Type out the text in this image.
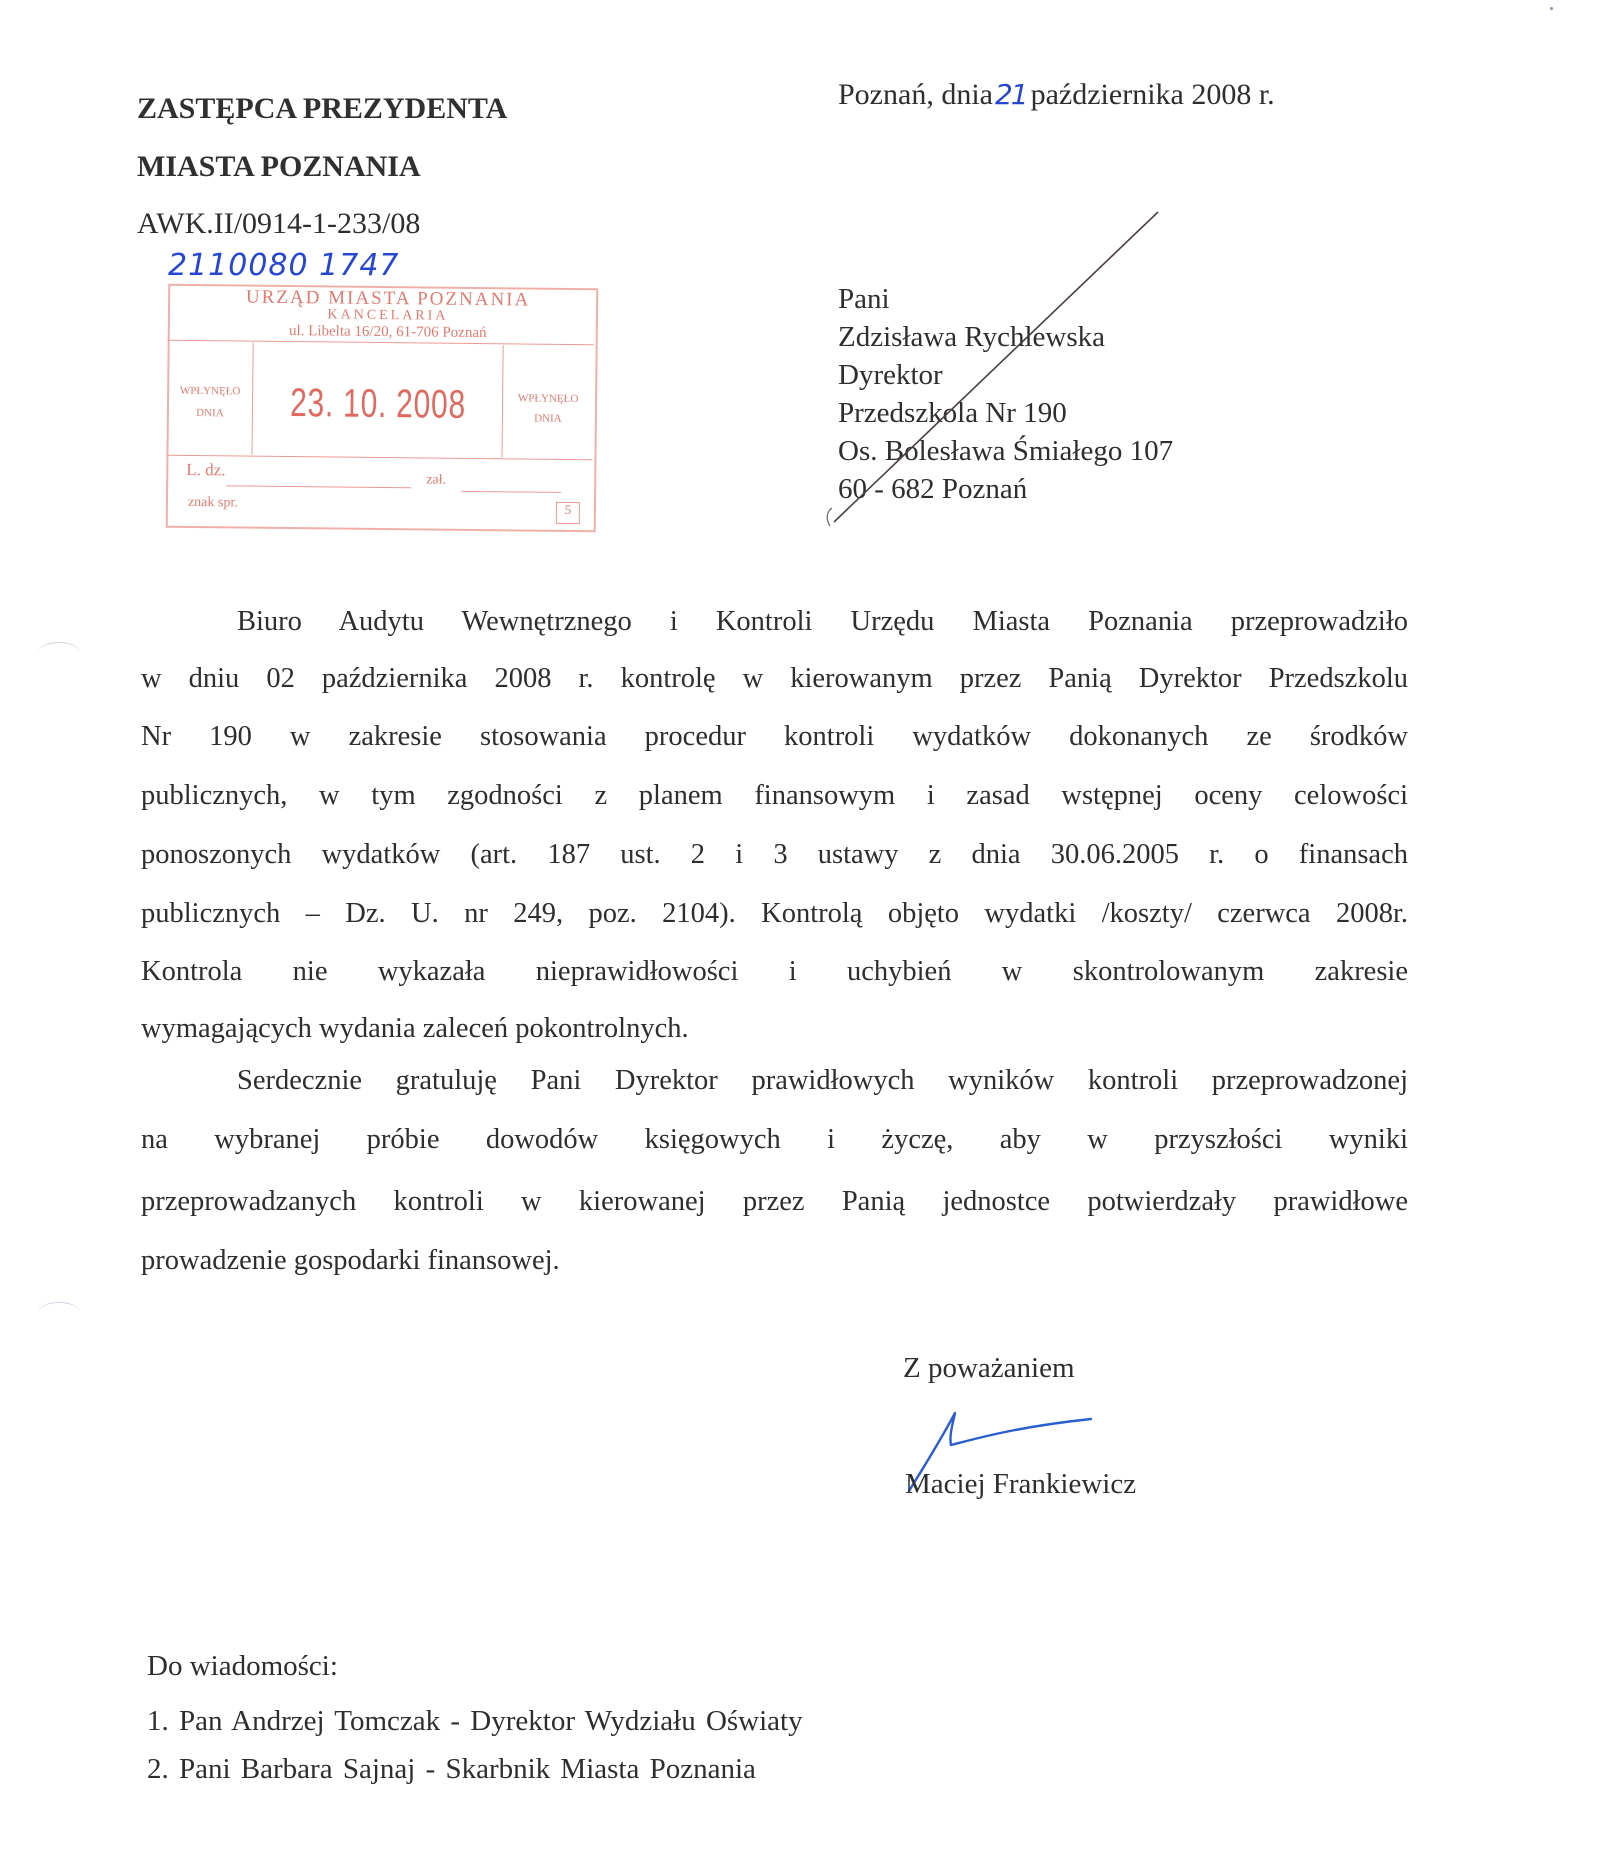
ZASTĘPCA PREZYDENTA
MIASTA POZNANIA
AWK.II/0914-1-233/08
2110080 1747
URZĄD MIASTA POZNANIA
KANCELARIA
ul. Libelta 16/20, 61-706 Poznań
WPŁYNĘŁO DNIA	23. 10. 2008	WPŁYNĘŁO DNIA
L. dz.
zał.
znak spr.	5
Poznań, dnia21 października 2008 r.
Pani
Zdzisława Rychlewska
Dyrektor
Przedszkola Nr 190
Os. Bolesława Śmiałego 107
60 - 682 Poznań
Biuro Audytu Wewnętrznego i Kontroli Urzędu Miasta Poznania przeprowadziło
w dniu 02 października 2008 r. kontrolę w kierowanym przez Panią Dyrektor Przedszkolu
Nr 190 w zakresie stosowania procedur kontroli wydatków dokonanych ze środków
publicznych, w tym zgodności z planem finansowym i zasad wstępnej oceny celowości
ponoszonych wydatków (art. 187 ust. 2 i 3 ustawy z dnia 30.06.2005 r. o finansach
publicznych – Dz. U. nr 249, poz. 2104). Kontrolą objęto wydatki /koszty/ czerwca 2008r.
Kontrola nie wykazała nieprawidłowości i uchybień w skontrolowanym zakresie
wymagających wydania zaleceń pokontrolnych.
Serdecznie gratuluję Pani Dyrektor prawidłowych wyników kontroli przeprowadzonej
na wybranej próbie dowodów księgowych i życzę, aby w przyszłości wyniki
przeprowadzanych kontroli w kierowanej przez Panią jednostce potwierdzały prawidłowe
prowadzenie gospodarki finansowej.
Z poważaniem
Maciej Frankiewicz
Do wiadomości:
1. Pan Andrzej Tomczak - Dyrektor Wydziału Oświaty
2. Pani Barbara Sajnaj - Skarbnik Miasta Poznania
